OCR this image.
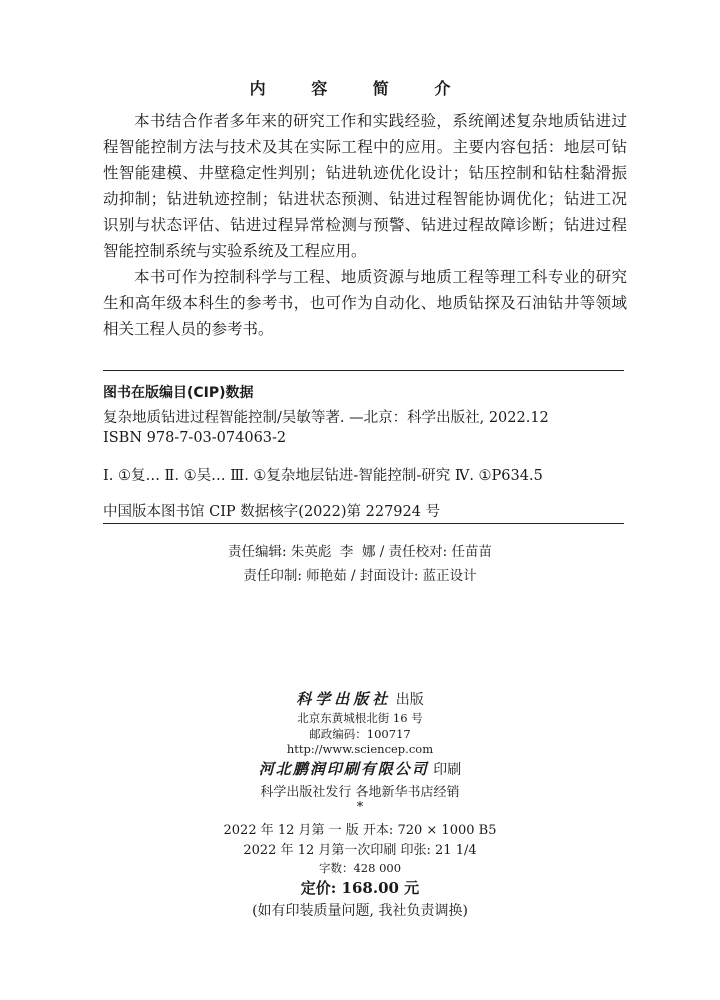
内 容 简 介

本书结合作者多年来的研究工作和实践经验，系统阐述复杂地质钻进过程智能控制方法与技术及其在实际工程中的应用。主要内容包括：地层可钻性智能建模、井壁稳定性判别；钻进轨迹优化设计；钻压控制和钻柱黏滑振动抑制；钻进轨迹控制；钻进状态预测、钻进过程智能协调优化；钻进工况识别与状态评估、钻进过程异常检测与预警、钻进过程故障诊断；钻进过程智能控制系统与实验系统及工程应用。

本书可作为控制科学与工程、地质资源与地质工程等理工科专业的研究生和高年级本科生的参考书，也可作为自动化、地质钻探及石油钻井等领域相关工程人员的参考书。

图书在版编目(CIP)数据
复杂地质钻进过程智能控制/吴敏等著. —北京：科学出版社, 2022.12
ISBN 978-7-03-074063-2
Ⅰ. ①复… Ⅱ. ①吴… Ⅲ. ①复杂地层钻进-智能控制-研究 Ⅳ. ①P634.5
中国版本图书馆 CIP 数据核字(2022)第 227924 号
责任编辑: 朱英彪  李  娜 / 责任校对: 任苗苗
责任印制: 师艳茹 / 封面设计: 蓝正设计
科学出版社 出版
北京东黄城根北街 16 号
邮政编码：100717
http://www.sciencep.com
河北鹏润印刷有限公司 印刷
科学出版社发行 各地新华书店经销
*
2022 年 12 月第 一 版 开本: 720 × 1000 B5
2022 年 12 月第一次印刷 印张: 21 1/4
字数：428 000
定价: 168.00 元
(如有印装质量问题, 我社负责调换)
